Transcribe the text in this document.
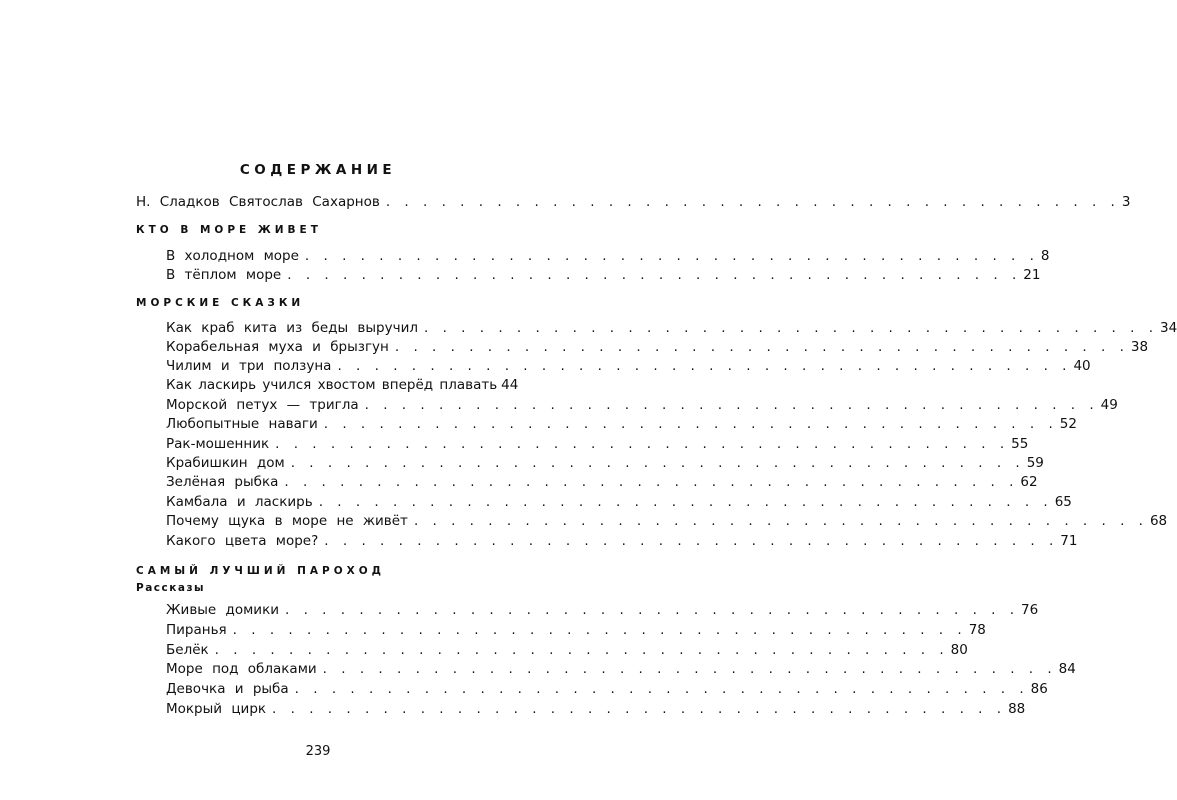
СОДЕРЖАНИЕ
Н. Сладков Святослав Сахарнов . . . . . . . . . . . . . . . . . . . . . . . . . . . . . . . . . . . . . . . . 3
КТО В МОРЕ ЖИВЕТ
В холодном море . . . . . . . . . . . . . . . . . . . . . . . . . . . . . . . . . . . . . . . . 8
В тёплом море . . . . . . . . . . . . . . . . . . . . . . . . . . . . . . . . . . . . . . . . 21
МОРСКИЕ СКАЗКИ
Как краб кита из беды выручил . . . . . . . . . . . . . . . . . . . . . . . . . . . . . . . . . . . . . . . . 34
Корабельная муха и брызгун . . . . . . . . . . . . . . . . . . . . . . . . . . . . . . . . . . . . . . . . 38
Чилим и три ползуна . . . . . . . . . . . . . . . . . . . . . . . . . . . . . . . . . . . . . . . . 40
Как ласкирь учился хвостом вперёд плавать 44
Морской петух — тригла . . . . . . . . . . . . . . . . . . . . . . . . . . . . . . . . . . . . . . . . 49
Любопытные наваги . . . . . . . . . . . . . . . . . . . . . . . . . . . . . . . . . . . . . . . . 52
Рак-мошенник . . . . . . . . . . . . . . . . . . . . . . . . . . . . . . . . . . . . . . . . 55
Крабишкин дом . . . . . . . . . . . . . . . . . . . . . . . . . . . . . . . . . . . . . . . . 59
Зелёная рыбка . . . . . . . . . . . . . . . . . . . . . . . . . . . . . . . . . . . . . . . . 62
Камбала и ласкирь . . . . . . . . . . . . . . . . . . . . . . . . . . . . . . . . . . . . . . . . 65
Почему щука в море не живёт . . . . . . . . . . . . . . . . . . . . . . . . . . . . . . . . . . . . . . . . 68
Какого цвета море? . . . . . . . . . . . . . . . . . . . . . . . . . . . . . . . . . . . . . . . . 71
САМЫЙ ЛУЧШИЙ ПАРОХОД
Рассказы
Живые домики . . . . . . . . . . . . . . . . . . . . . . . . . . . . . . . . . . . . . . . . 76
Пиранья . . . . . . . . . . . . . . . . . . . . . . . . . . . . . . . . . . . . . . . . 78
Белёк . . . . . . . . . . . . . . . . . . . . . . . . . . . . . . . . . . . . . . . . 80
Море под облаками . . . . . . . . . . . . . . . . . . . . . . . . . . . . . . . . . . . . . . . . 84
Девочка и рыба . . . . . . . . . . . . . . . . . . . . . . . . . . . . . . . . . . . . . . . . 86
Мокрый цирк . . . . . . . . . . . . . . . . . . . . . . . . . . . . . . . . . . . . . . . . 88
239
